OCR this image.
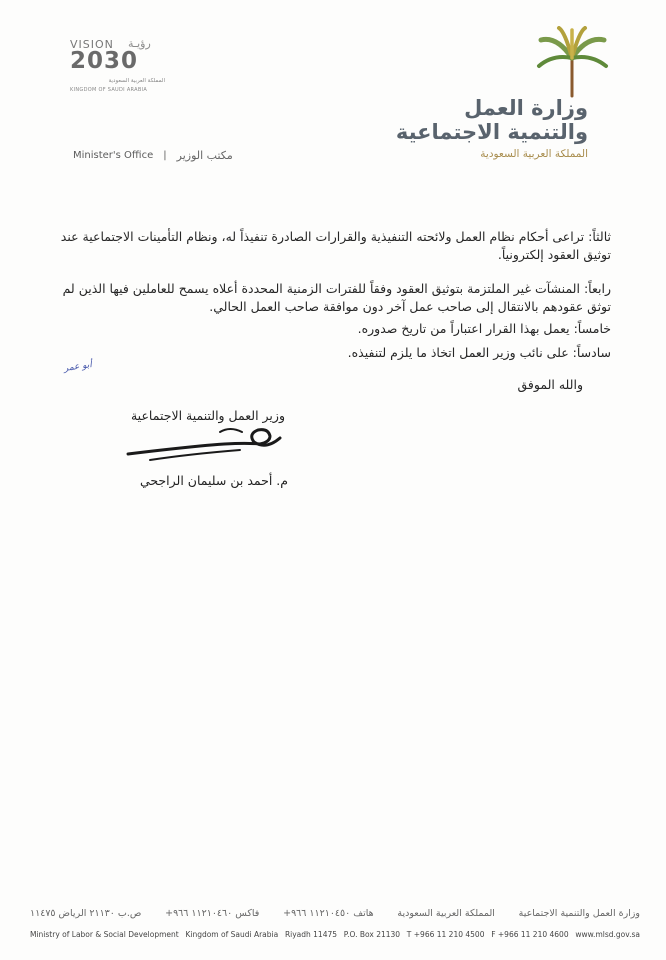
وزارة العمل
والتنمية الاجتماعية
المملكة العربية السعودية
VISION رؤيـة
2030
المملكة العربية السعودية
KINGDOM OF SAUDI ARABIA
Minister's Office | مكتب الوزير

ثالثاً: تراعى أحكام نظام العمل ولائحته التنفيذية والقرارات الصادرة تنفيذاً له، ونظام التأمينات الاجتماعية عند توثيق العقود إلكترونياً.

رابعاً: المنشآت غير الملتزمة بتوثيق العقود وفقاً للفترات الزمنية المحددة أعلاه يسمح للعاملين فيها الذين لم توثق عقودهم بالانتقال إلى صاحب عمل آخر دون موافقة صاحب العمل الحالي.

خامساً: يعمل بهذا القرار اعتباراً من تاريخ صدوره.

سادساً: على نائب وزير العمل اتخاذ ما يلزم لتنفيذه.

أبو عمر

والله الموفق

وزير العمل والتنمية الاجتماعية
م. أحمد بن سليمان الراجحي
وزارة العمل والتنمية الاجتماعية
المملكة العربية السعودية
هاتف ١١٢١٠٤٥٠ ٩٦٦+
فاكس ١١٢١٠٤٦٠ ٩٦٦+
ص.ب ٢١١٣٠ الرياض ١١٤٧٥
Ministry of Labor & Social Development Kingdom of Saudi Arabia Riyadh 11475 P.O. Box 21130 T +966 11 210 4500 F +966 11 210 4600 www.mlsd.gov.sa
